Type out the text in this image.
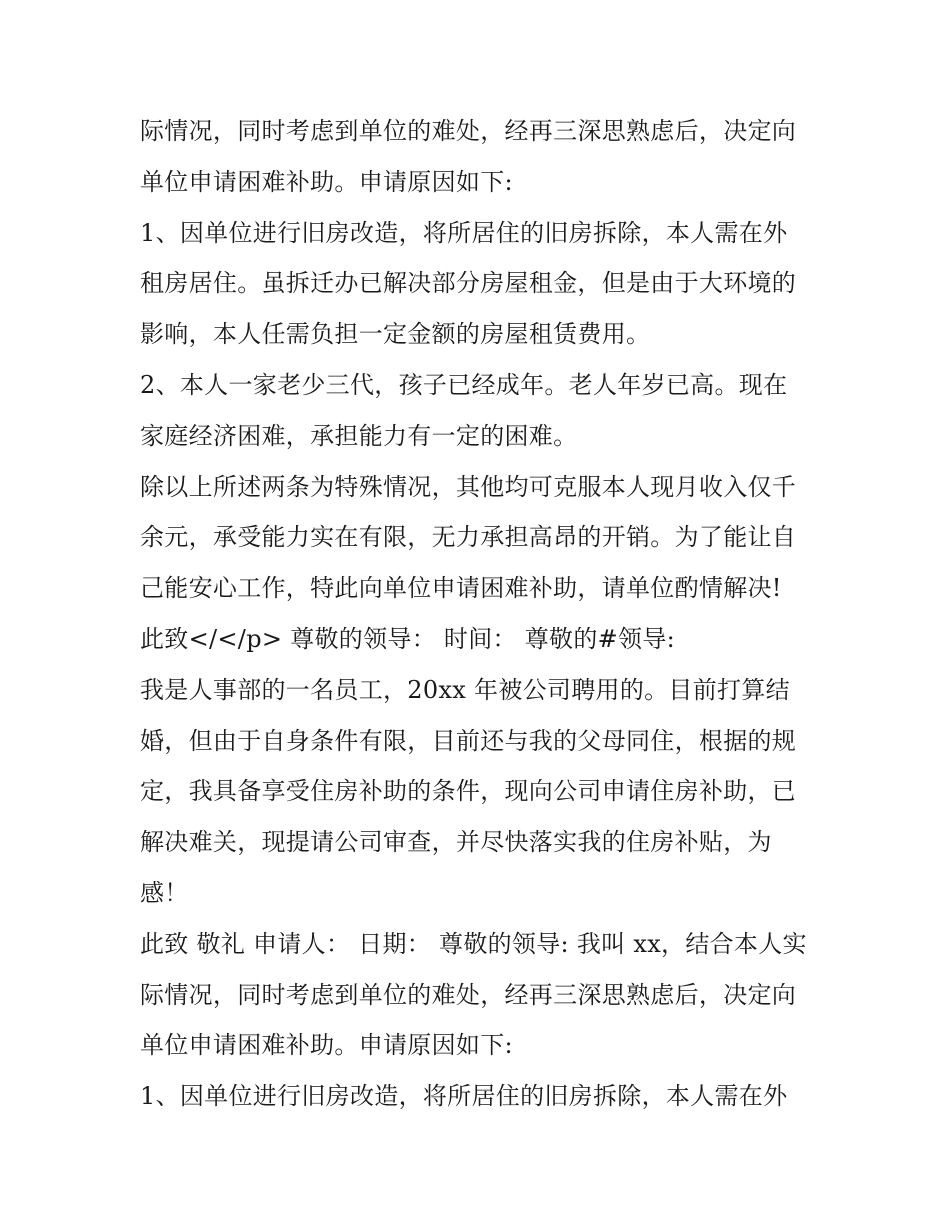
际情况，同时考虑到单位的难处，经再三深思熟虑后，决定向
单位申请困难补助。申请原因如下:
1、因单位进行旧房改造，将所居住的旧房拆除，本人需在外
租房居住。虽拆迁办已解决部分房屋租金，但是由于大环境的
影响，本人任需负担一定金额的房屋租赁费用。
2、本人一家老少三代，孩子已经成年。老人年岁已高。现在
家庭经济困难，承担能力有一定的困难。
除以上所述两条为特殊情况，其他均可克服本人现月收入仅千
余元，承受能力实在有限，无力承担高昂的开销。为了能让自
己能安心工作，特此向单位申请困难补助，请单位酌情解决!
此致</</p> 尊敬的领导： 时间： 尊敬的#领导:
我是人事部的一名员工，20xx 年被公司聘用的。目前打算结
婚，但由于自身条件有限，目前还与我的父母同住，根据的规
定，我具备享受住房补助的条件，现向公司申请住房补助，已
解决难关，现提请公司审查，并尽快落实我的住房补贴，为
感！
此致 敬礼 申请人： 日期： 尊敬的领导: 我叫 xx，结合本人实
际情况，同时考虑到单位的难处，经再三深思熟虑后，决定向
单位申请困难补助。申请原因如下:
1、因单位进行旧房改造，将所居住的旧房拆除，本人需在外
